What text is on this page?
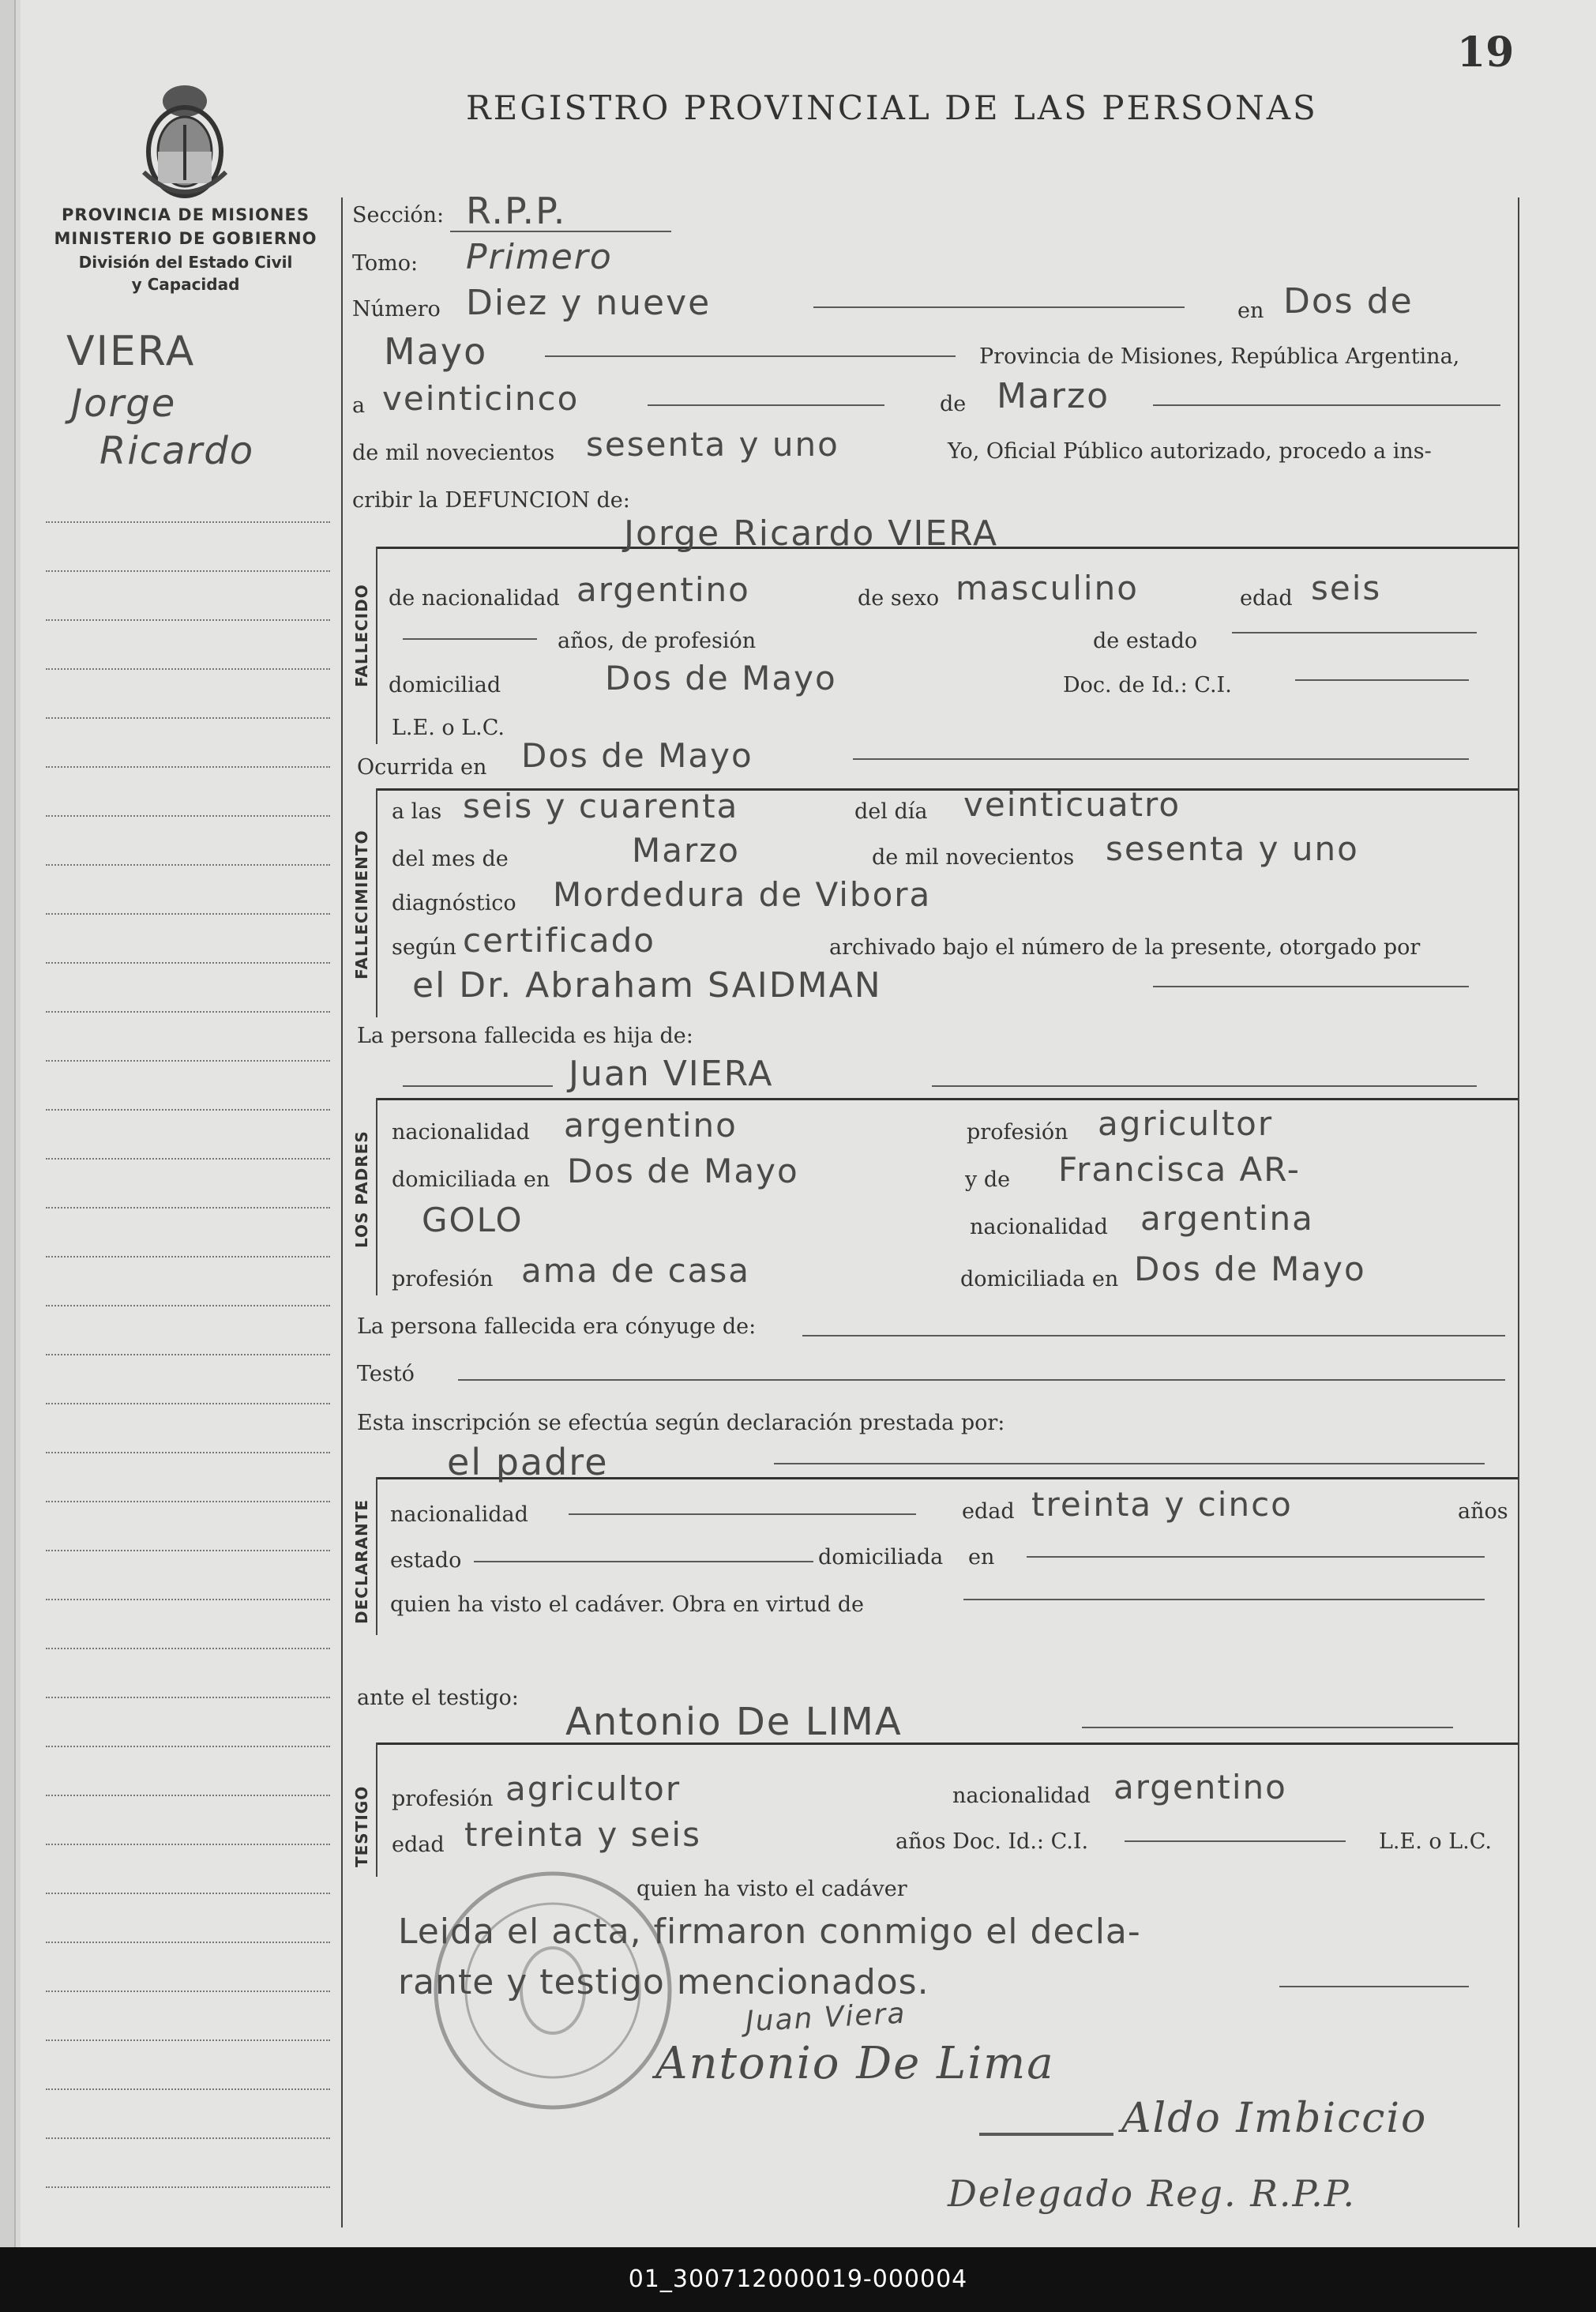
19
PROVINCIA DE MISIONES
MINISTERIO DE GOBIERNO
División del Estado Civil
y Capacidad
VIERA
Jorge
Ricardo
REGISTRO PROVINCIAL DE LAS PERSONAS
Sección: R.P.P.
Tomo: Primero
Número Diez y nueve	en Dos de
Mayo	Provincia de Misiones, República Argentina,
a veinticinco	de Marzo
de mil novecientos sesenta y uno	Yo, Oficial Público autorizado, procedo a ins-
cribir la DEFUNCION de:
FALLECIDO
Jorge Ricardo VIERA
de nacionalidad argentino	de sexo masculino	edad seis
años, de profesión	de estado
domiciliad	Dos de Mayo	Doc. de Id.: C.I.
L.E. o L.C.
Ocurrida en Dos de Mayo
FALLECIMIENTO
a las seis y cuarenta	del día veinticuatro
del mes de	Marzo	de mil novecientos sesenta y uno
diagnóstico Mordedura de Vibora
según certificado	archivado bajo el número de la presente, otorgado por
el Dr. Abraham SAIDMAN
La persona fallecida es hija de:
LOS PADRES
Juan VIERA
nacionalidad argentino	profesión agricultor
domiciliada en Dos de Mayo	y de Francisca AR-
GOLO	nacionalidad argentina
profesión ama de casa	domiciliada en Dos de Mayo
La persona fallecida era cónyuge de:
Testó
Esta inscripción se efectúa según declaración prestada por:
DECLARANTE
el padre
nacionalidad	edad treinta y cinco	años
estado	domiciliada en
quien ha visto el cadáver. Obra en virtud de
ante el testigo:
TESTIGO
Antonio De LIMA
profesión agricultor	nacionalidad argentino
edad treinta y seis	años Doc. Id.: C.I.	L.E. o L.C.
quien ha visto el cadáver
Leida el acta, firmaron conmigo el decla-
rante y testigo mencionados.
Juan Viera
Antonio De Lima
Aldo Imbiccio
Delegado Reg. R.P.P.
01_300712000019-000004
